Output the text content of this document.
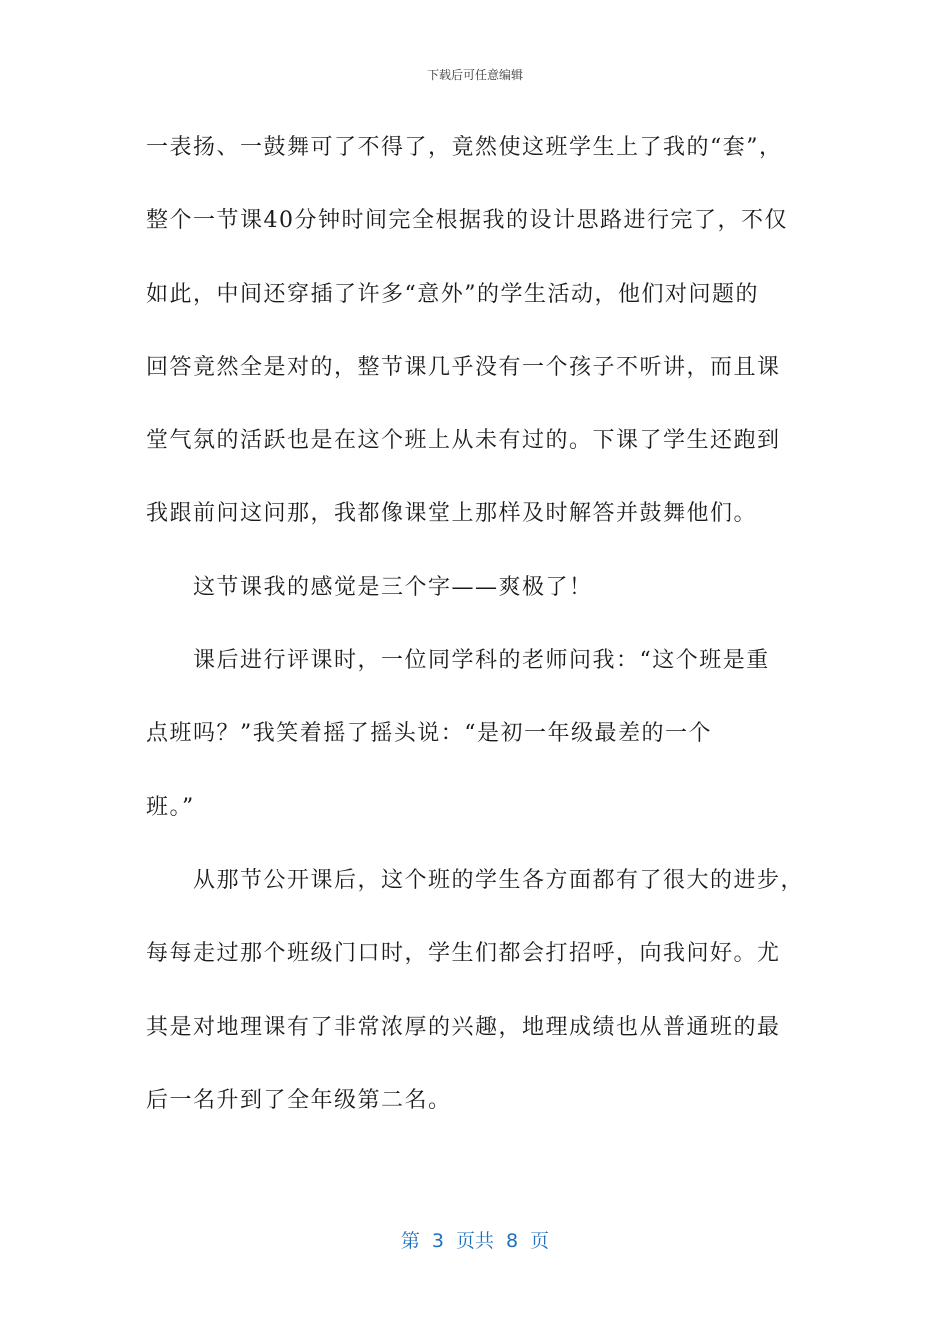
下载后可任意编辑
一表扬、一鼓舞可了不得了，竟然使这班学生上了我的“套”，
整个一节课40分钟时间完全根据我的设计思路进行完了，不仅
如此，中间还穿插了许多“意外”的学生活动，他们对问题的
回答竟然全是对的，整节课几乎没有一个孩子不听讲，而且课
堂气氛的活跃也是在这个班上从未有过的。下课了学生还跑到
我跟前问这问那，我都像课堂上那样及时解答并鼓舞他们。
这节课我的感觉是三个字——爽极了！
课后进行评课时，一位同学科的老师问我：“这个班是重
点班吗？”我笑着摇了摇头说：“是初一年级最差的一个
班。”
从那节公开课后，这个班的学生各方面都有了很大的进步，
每每走过那个班级门口时，学生们都会打招呼，向我问好。尤
其是对地理课有了非常浓厚的兴趣，地理成绩也从普通班的最
后一名升到了全年级第二名。
第 3 页共 8 页
